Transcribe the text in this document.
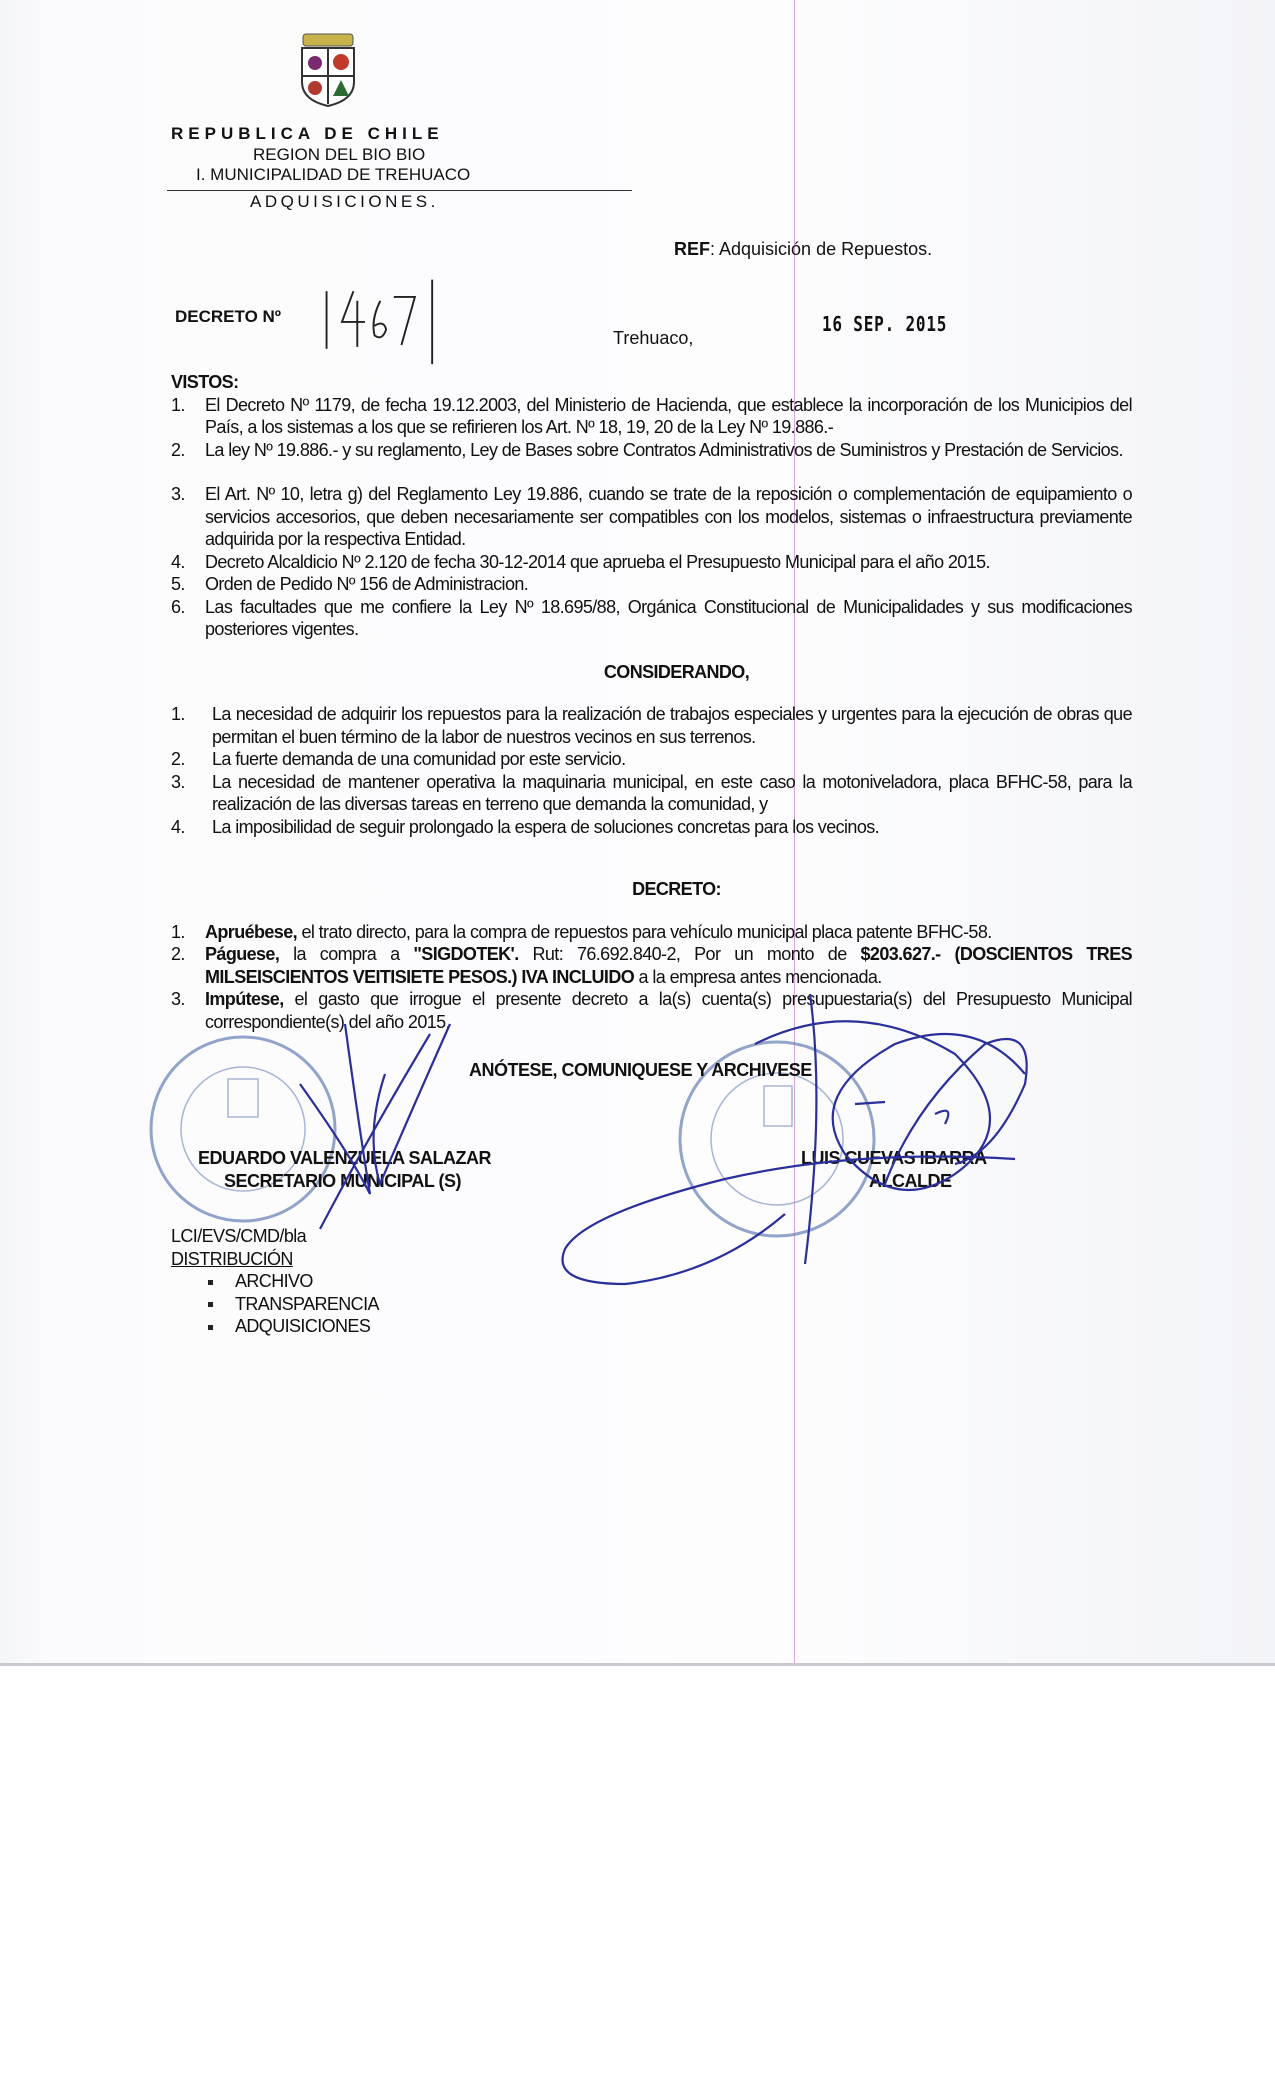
REPUBLICA DE CHILE
REGION DEL BIO BIO
I. MUNICIPALIDAD DE TREHUACO
ADQUISICIONES.
REF: Adquisición de Repuestos.
DECRETO Nº
Trehuaco,
16 SEP. 2015
VISTOS:
1.	El Decreto Nº 1179, de fecha 19.12.2003, del Ministerio de Hacienda, que establece la incorporación de los Municipios del País, a los sistemas a los que se refirieren los Art. Nº 18, 19, 20 de la Ley Nº 19.886.-
2.	La ley Nº 19.886.- y su reglamento, Ley de Bases sobre Contratos Administrativos de Suministros y Prestación de Servicios.
3.	El Art. Nº 10, letra g) del Reglamento Ley 19.886, cuando se trate de la reposición o complementación de equipamiento o servicios accesorios, que deben necesariamente ser compatibles con los modelos, sistemas o infraestructura previamente adquirida por la respectiva Entidad.
4.	Decreto Alcaldicio Nº 2.120 de fecha 30-12-2014 que aprueba el Presupuesto Municipal para el año 2015.
5.	Orden de Pedido Nº 156 de Administracion.
6.	Las facultades que me confiere la Ley Nº 18.695/88, Orgánica Constitucional de Municipalidades y sus modificaciones posteriores vigentes.
CONSIDERANDO,
1.	La necesidad de adquirir los repuestos para la realización de trabajos especiales y urgentes para la ejecución de obras que permitan el buen término de la labor de nuestros vecinos en sus terrenos.
2.	La fuerte demanda de una comunidad por este servicio.
3.	La necesidad de mantener operativa la maquinaria municipal, en este caso la motoniveladora, placa BFHC-58, para la realización de las diversas tareas en terreno que demanda la comunidad, y
4.	La imposibilidad de seguir prolongado la espera de soluciones concretas para los vecinos.
DECRETO:
1.	Apruébese, el trato directo, para la compra de repuestos para vehículo municipal placa patente BFHC-58.
2.	Páguese, la compra a "SIGDOTEK'. Rut: 76.692.840-2, Por un monto de $203.627.- (DOSCIENTOS TRES MILSEISCIENTOS VEITISIETE PESOS.) IVA INCLUIDO a la empresa antes mencionada.
3.	Impútese, el gasto que irrogue el presente decreto a la(s) cuenta(s) presupuestaria(s) del Presupuesto Municipal correspondiente(s) del año 2015.
ANÓTESE, COMUNIQUESE Y ARCHIVESE
EDUARDO VALENZUELA SALAZAR
SECRETARIO MUNICIPAL (S)
LUIS CUEVAS IBARRA
ALCALDE
LCI/EVS/CMD/bla
DISTRIBUCIÓN
ARCHIVO
TRANSPARENCIA
ADQUISICIONES
